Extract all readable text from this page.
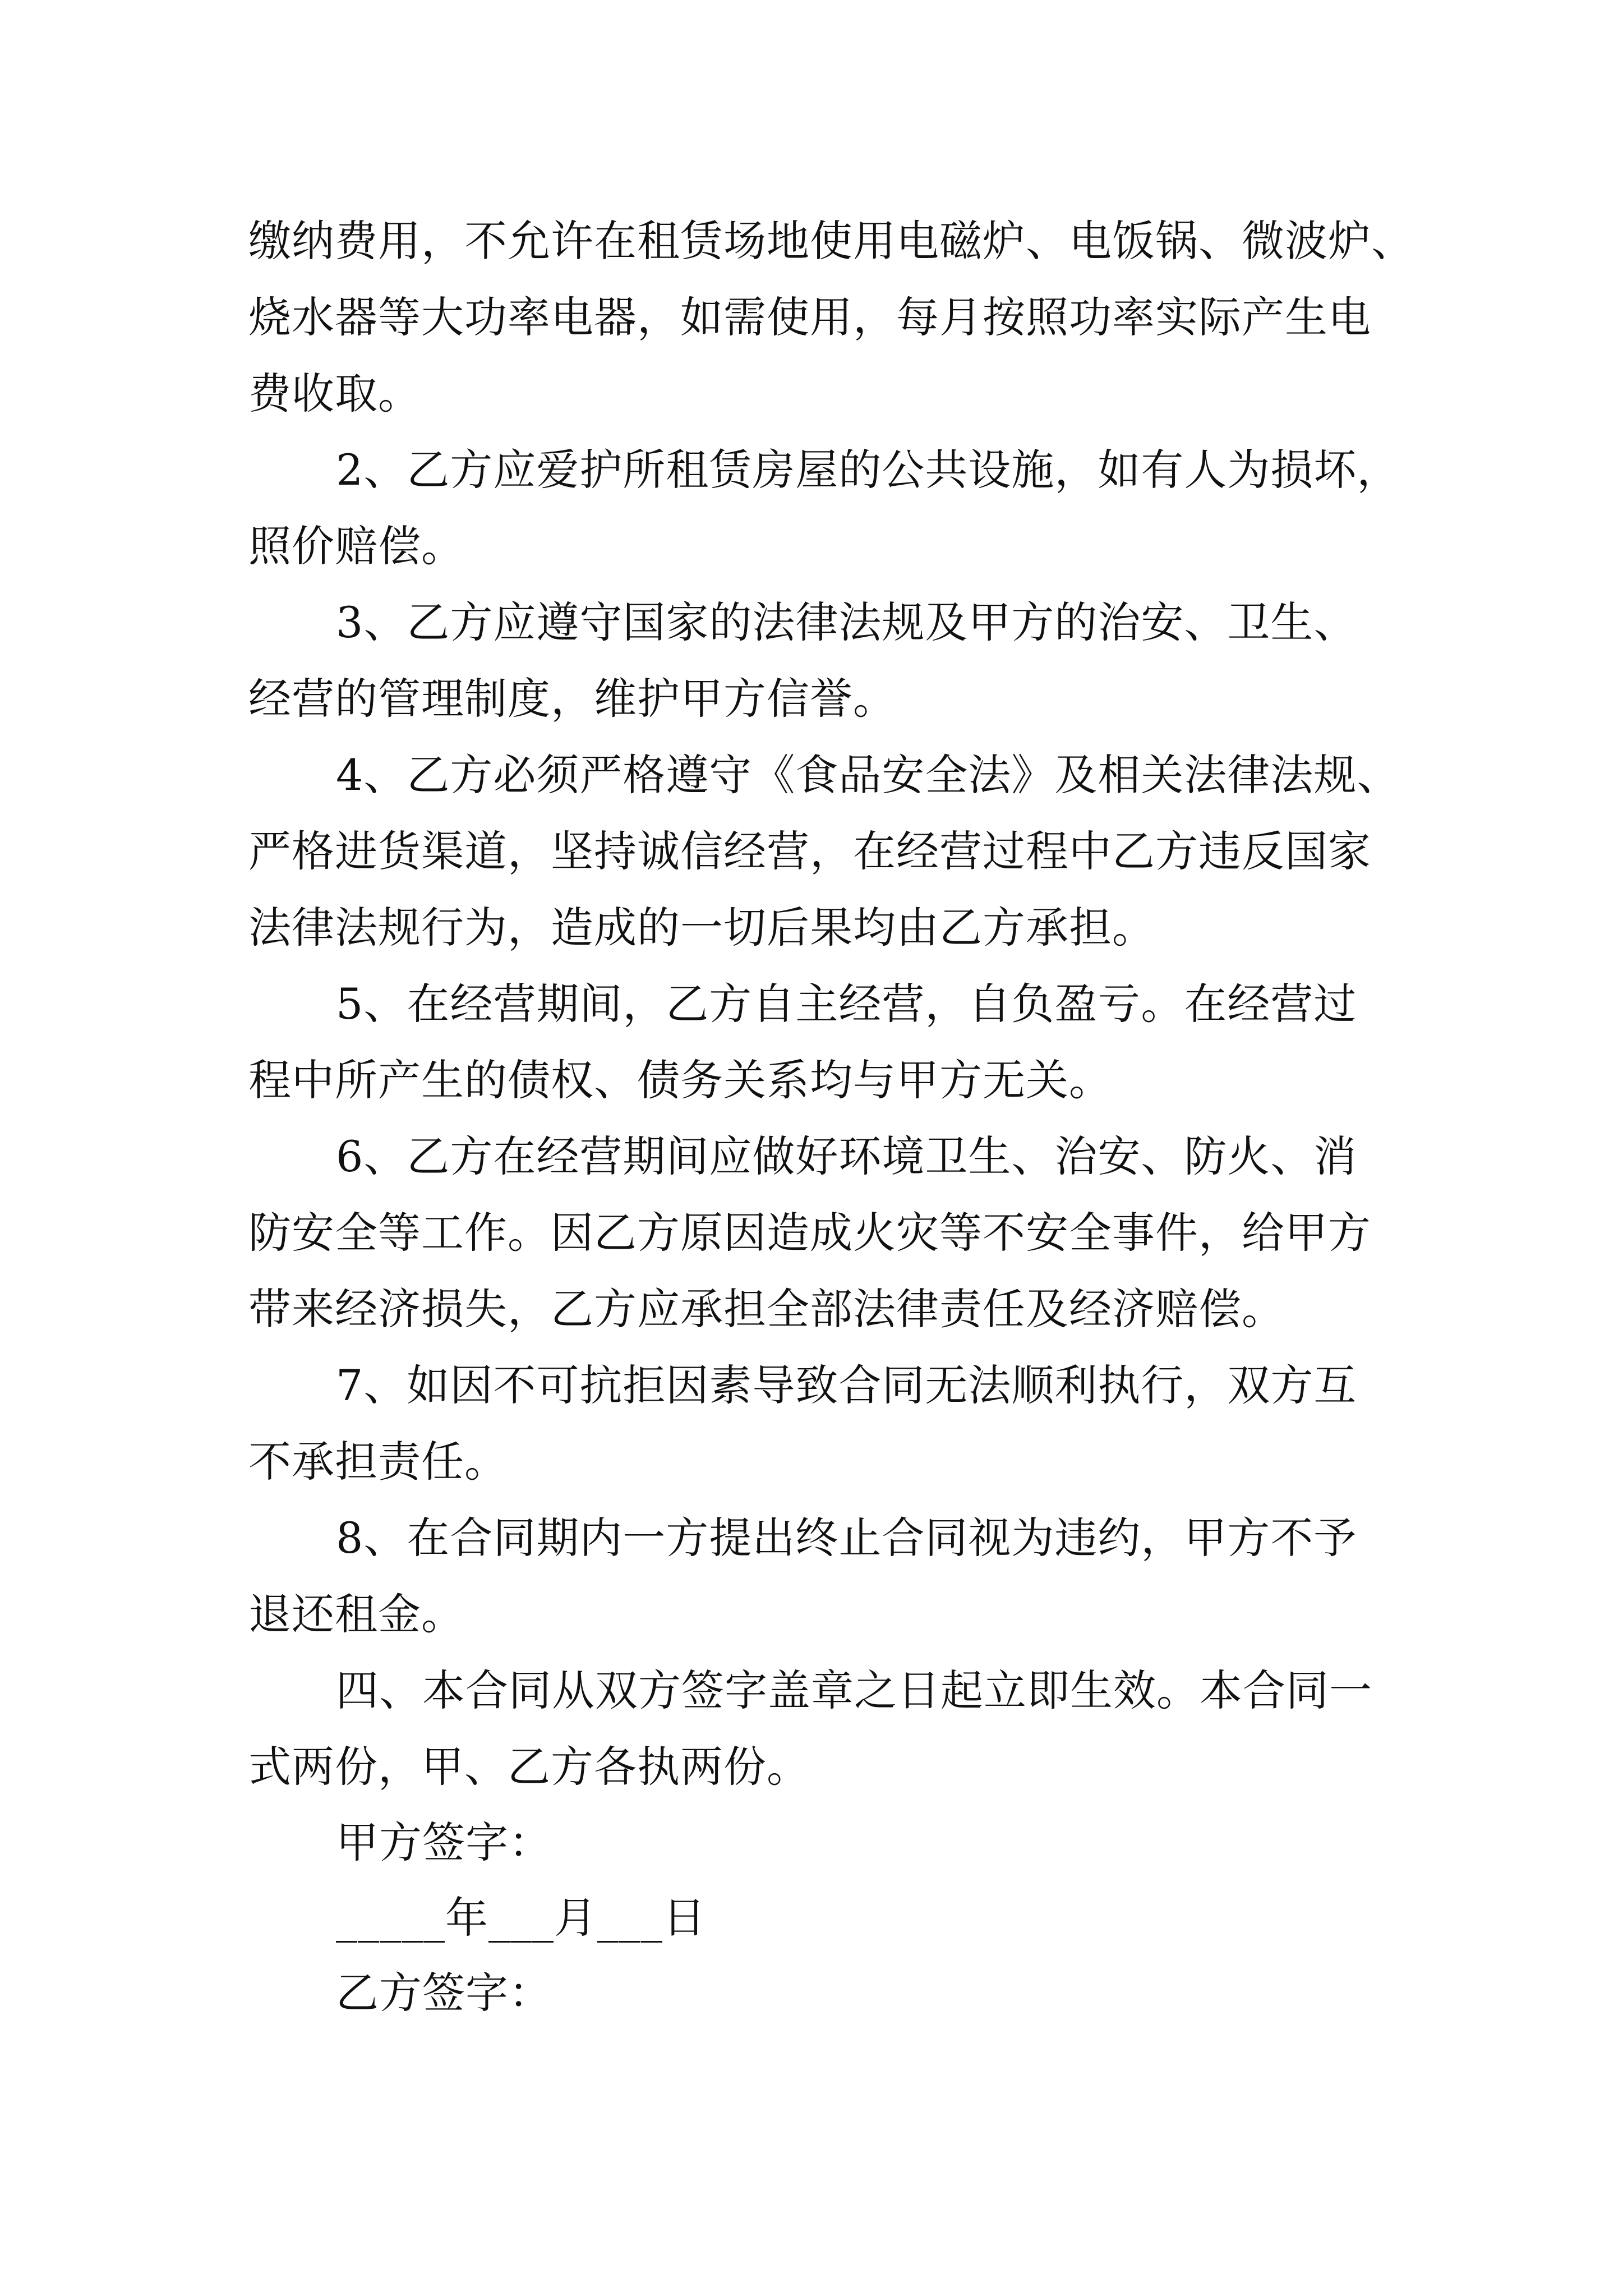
缴纳费用，不允许在租赁场地使用电磁炉、电饭锅、微波炉、
烧水器等大功率电器，如需使用，每月按照功率实际产生电
费收取。
2、乙方应爱护所租赁房屋的公共设施，如有人为损坏，
照价赔偿。
3、乙方应遵守国家的法律法规及甲方的治安、卫生、
经营的管理制度，维护甲方信誉。
4、乙方必须严格遵守《食品安全法》及相关法律法规、
严格进货渠道，坚持诚信经营，在经营过程中乙方违反国家
法律法规行为，造成的一切后果均由乙方承担。
5、在经营期间，乙方自主经营，自负盈亏。在经营过
程中所产生的债权、债务关系均与甲方无关。
6、乙方在经营期间应做好环境卫生、治安、防火、消
防安全等工作。因乙方原因造成火灾等不安全事件，给甲方
带来经济损失，乙方应承担全部法律责任及经济赔偿。
7、如因不可抗拒因素导致合同无法顺利执行，双方互
不承担责任。
8、在合同期内一方提出终止合同视为违约，甲方不予
退还租金。
四、本合同从双方签字盖章之日起立即生效。本合同一
式两份，甲、乙方各执两份。
甲方签字：
_____年___月___日
乙方签字：
